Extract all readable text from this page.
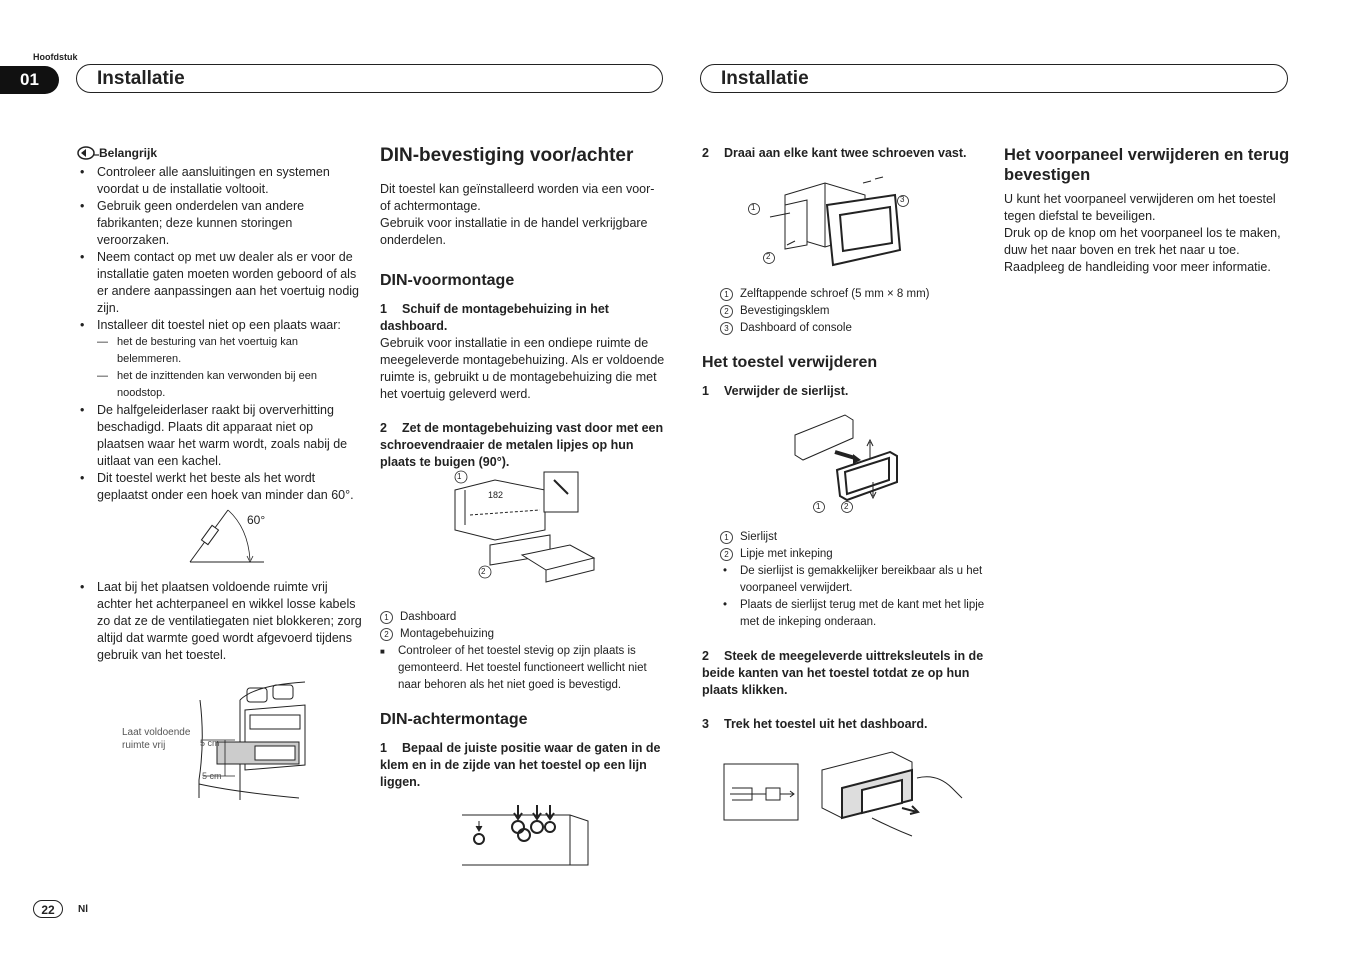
Hoofdstuk
01	Installatie	Installatie

Belangrijk

• Controleer alle aansluitingen en systemen voordat u de installatie voltooit.
• Gebruik geen onderdelen van andere fabrikanten; deze kunnen storingen veroorzaken.
• Neem contact op met uw dealer als er voor de installatie gaten moeten worden geboord of als er andere aanpassingen aan het voertuig nodig zijn.
• Installeer dit toestel niet op een plaats waar:
— het de besturing van het voertuig kan belemmeren.
— het de inzittenden kan verwonden bij een noodstop.
• De halfgeleiderlaser raakt bij oververhitting beschadigd. Plaats dit apparaat niet op plaatsen waar het warm wordt, zoals nabij de uitlaat van een kachel.
• Dit toestel werkt het beste als het wordt geplaatst onder een hoek van minder dan 60°.
60°
• Laat bij het plaatsen voldoende ruimte vrij achter het achterpaneel en wikkel losse kabels zo dat ze de ventilatiegaten niet blokkeren; zorg altijd dat warmte goed wordt afgevoerd tijdens gebruik van het toestel.
Laat voldoende ruimte vrij	5 cm
5 cm
DIN-bevestiging voor/achter

Dit toestel kan geïnstalleerd worden via een voor- of achtermontage.

Gebruik voor installatie in de handel verkrijgbare onderdelen.

DIN-voormontage

1 Schuif de montagebehuizing in het dashboard.

Gebruik voor installatie in een ondiepe ruimte de meegeleverde montagebehuizing. Als er voldoende ruimte is, gebruikt u de montagebehuizing die met het voertuig geleverd werd.

2 Zet de montagebehuizing vast door met een schroevendraaier de metalen lipjes op hun plaats te buigen (90°).

1
2
182
1 Dashboard
2 Montagebehuizing
■ Controleer of het toestel stevig op zijn plaats is gemonteerd. Het toestel functioneert wellicht niet naar behoren als het niet goed is bevestigd.
DIN-achtermontage

1 Bepaal de juiste positie waar de gaten in de klem en in de zijde van het toestel op een lijn liggen.

2 Draai aan elke kant twee schroeven vast.

1
2
3
1 Zelftappende schroef (5 mm × 8 mm)
2 Bevestigingsklem
3 Dashboard of console
Het toestel verwijderen

1 Verwijder de sierlijst.

1	2
1 Sierlijst
2 Lipje met inkeping
• De sierlijst is gemakkelijker bereikbaar als u het voorpaneel verwijdert.
• Plaats de sierlijst terug met de kant met het lipje met de inkeping onderaan.

2 Steek de meegeleverde uittreksleutels in de beide kanten van het toestel totdat ze op hun plaats klikken.

3 Trek het toestel uit het dashboard.

Het voorpaneel verwijderen en terug bevestigen

U kunt het voorpaneel verwijderen om het toestel tegen diefstal te beveiligen.

Druk op de knop om het voorpaneel los te maken, duw het naar boven en trek het naar u toe.

Raadpleeg de handleiding voor meer informatie.

22	Nl
